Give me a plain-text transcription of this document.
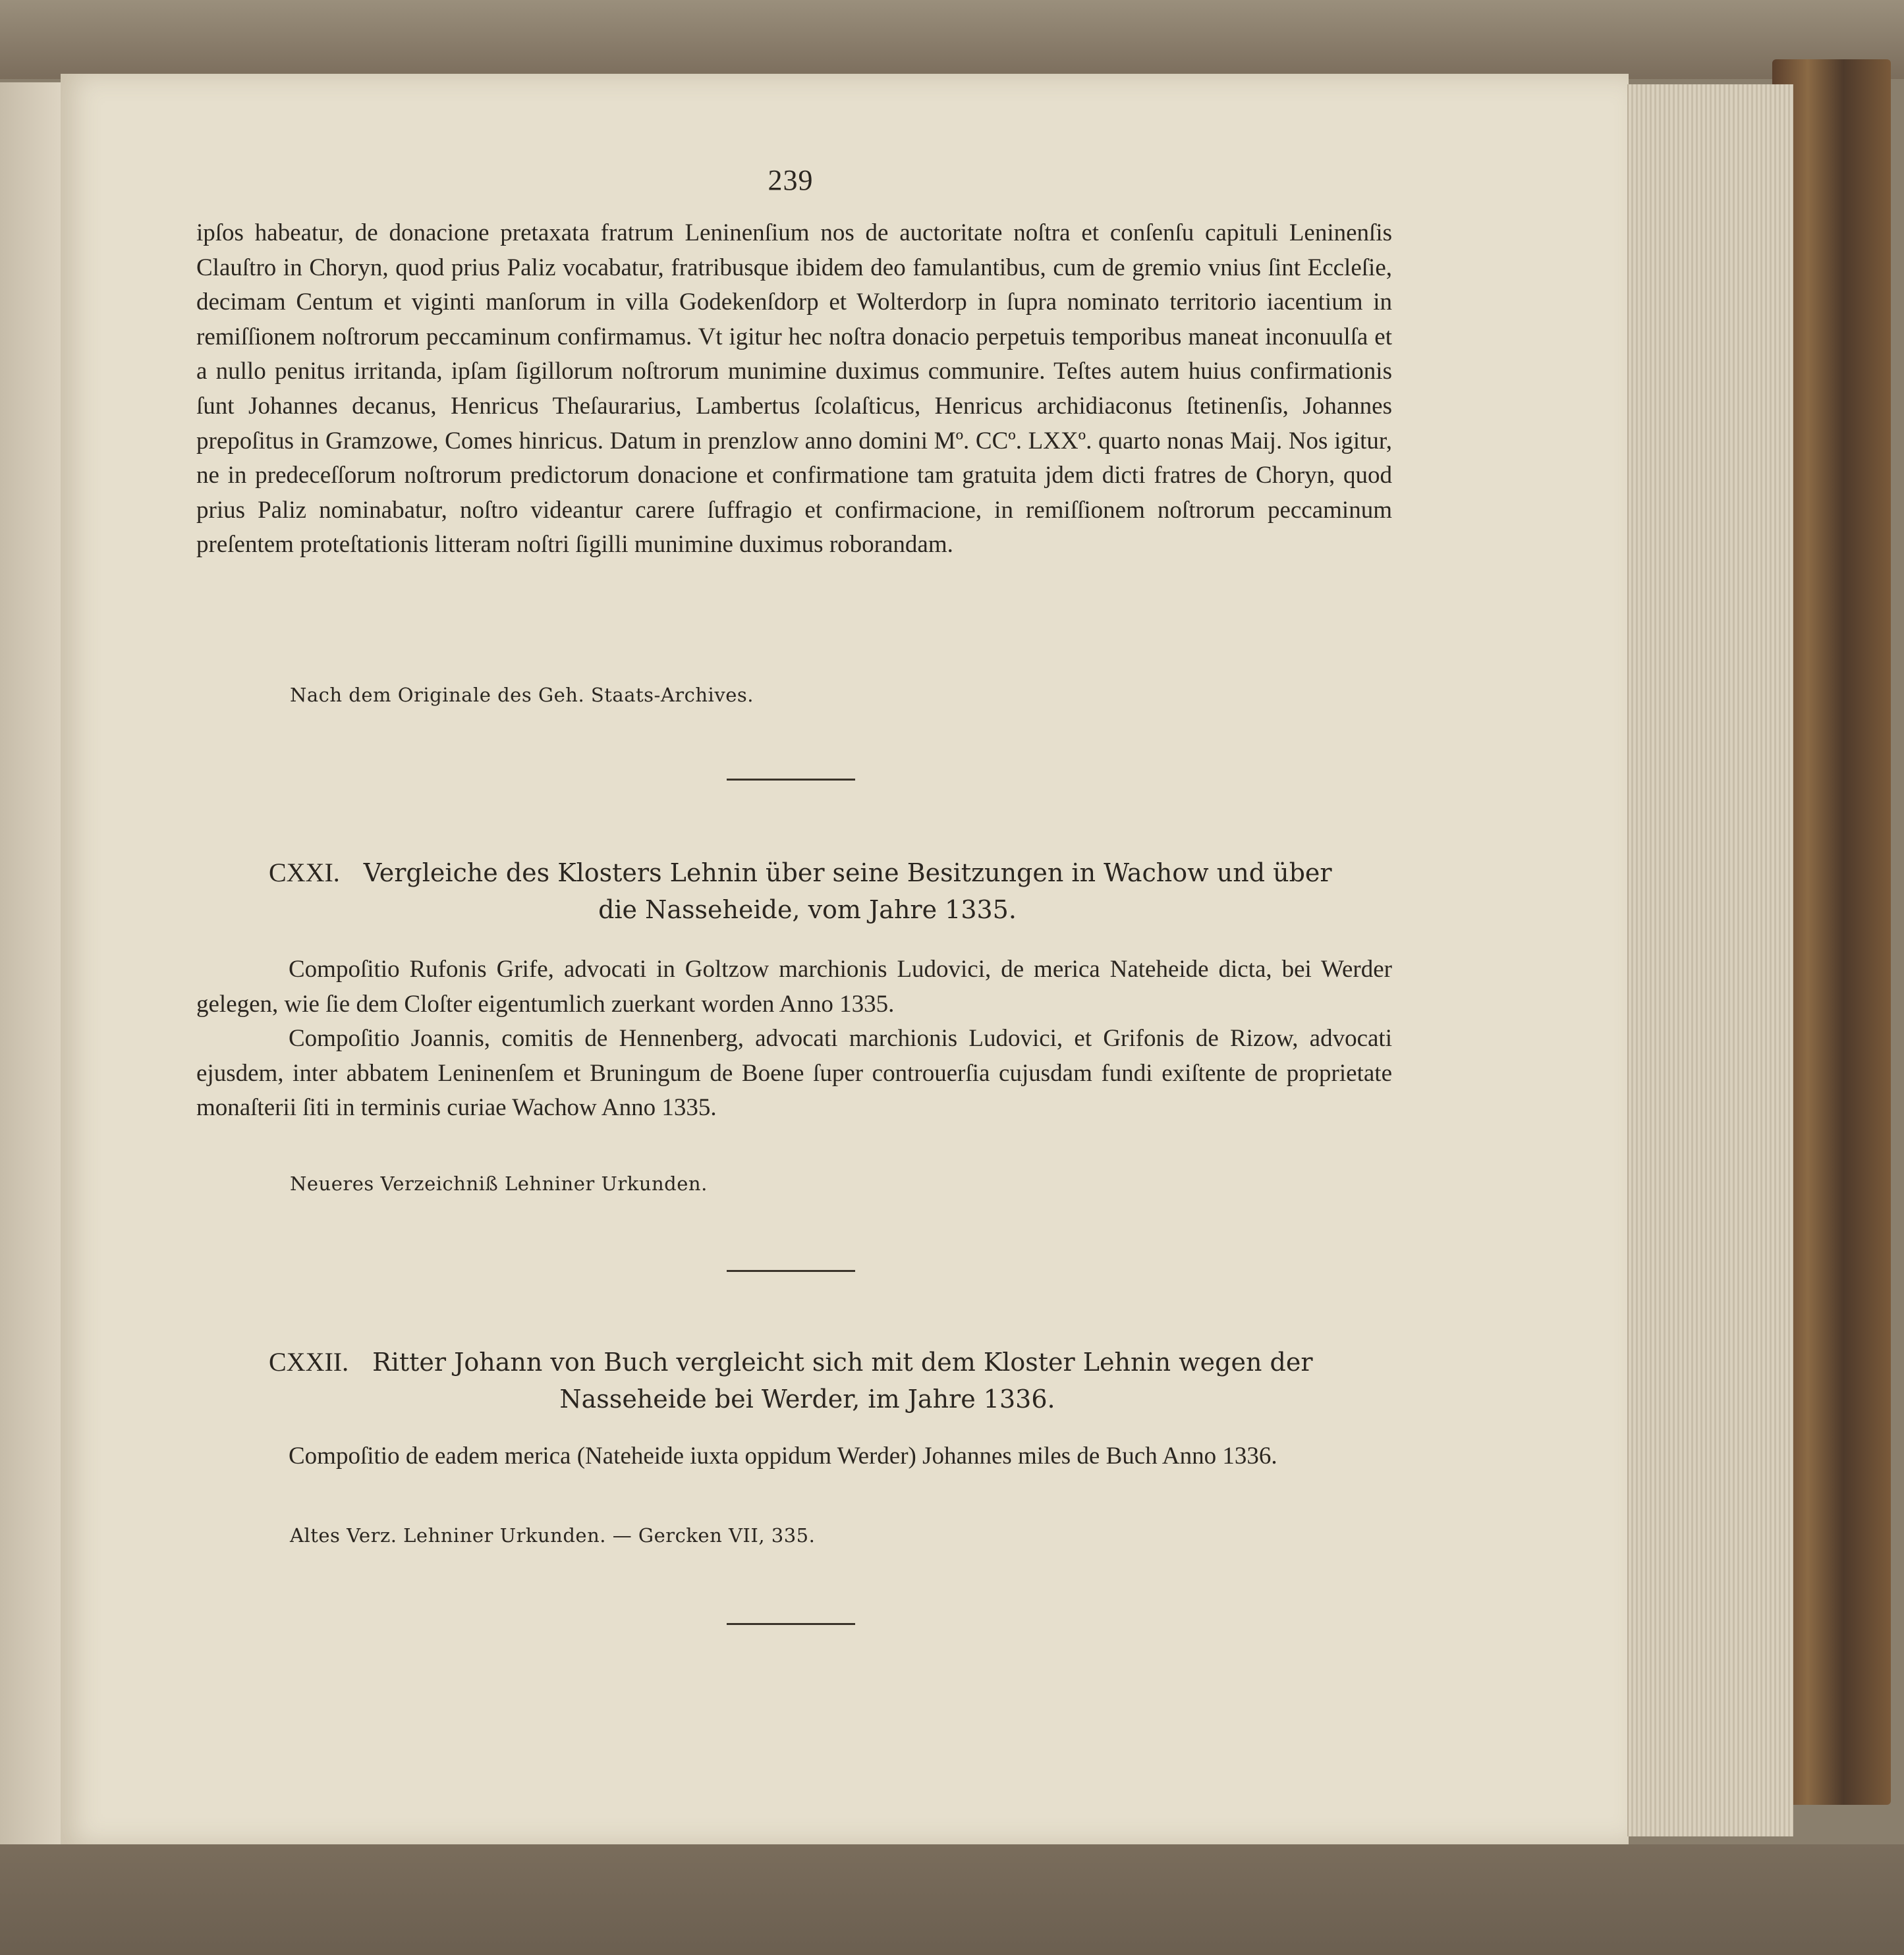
239
ipſos habeatur, de donacione pretaxata fratrum Leninenſium nos de auctoritate noſtra et conſenſu capituli Leninenſis Clauſtro in Choryn, quod prius Paliz vocabatur, fratribusque ibidem deo famulantibus, cum de gremio vnius ſint Eccleſie, decimam Centum et viginti manſorum in villa Godekenſdorp et Wolterdorp in ſupra nominato territorio iacentium in remiſſionem noſtrorum peccaminum confirmamus. Vt igitur hec noſtra donacio perpetuis temporibus maneat inconuulſa et a nullo penitus irritanda, ipſam ſigillorum noſtrorum munimine duximus communire. Teſtes autem huius confirmationis ſunt Johannes decanus, Henricus Theſaurarius, Lambertus ſcolaſticus, Henricus archidiaconus ſtetinenſis, Johannes prepoſitus in Gramzowe, Comes hinricus. Datum in prenzlow anno domini Mº. CCº. LXXº. quarto nonas Maij. Nos igitur, ne in predeceſſorum noſtrorum predictorum donacione et confirmatione tam gratuita jdem dicti fratres de Choryn, quod prius Paliz nominabatur, noſtro videantur carere ſuffragio et confirmacione, in remiſſionem noſtrorum peccaminum preſentem proteſtationis litteram noſtri ſigilli munimine duximus roborandam.
Nach dem Originale des Geh. Staats-Archives.
CXXI. Vergleiche des Klosters Lehnin über seine Besitzungen in Wachow und über
die Nasseheide, vom Jahre 1335.
Compoſitio Rufonis Grife, advocati in Goltzow marchionis Ludovici, de merica Nateheide dicta, bei Werder gelegen, wie ſie dem Cloſter eigentumlich zuerkant worden Anno 1335.
Compoſitio Joannis, comitis de Hennenberg, advocati marchionis Ludovici, et Grifonis de Rizow, advocati ejusdem, inter abbatem Leninenſem et Bruningum de Boene ſuper controuerſia cujusdam fundi exiſtente de proprietate monaſterii ſiti in terminis curiae Wachow Anno 1335.
Neueres Verzeichniß Lehniner Urkunden.
CXXII. Ritter Johann von Buch vergleicht sich mit dem Kloster Lehnin wegen der
Nasseheide bei Werder, im Jahre 1336.
Compoſitio de eadem merica (Nateheide iuxta oppidum Werder) Johannes miles de Buch Anno 1336.
Altes Verz. Lehniner Urkunden. — Gercken VII, 335.
